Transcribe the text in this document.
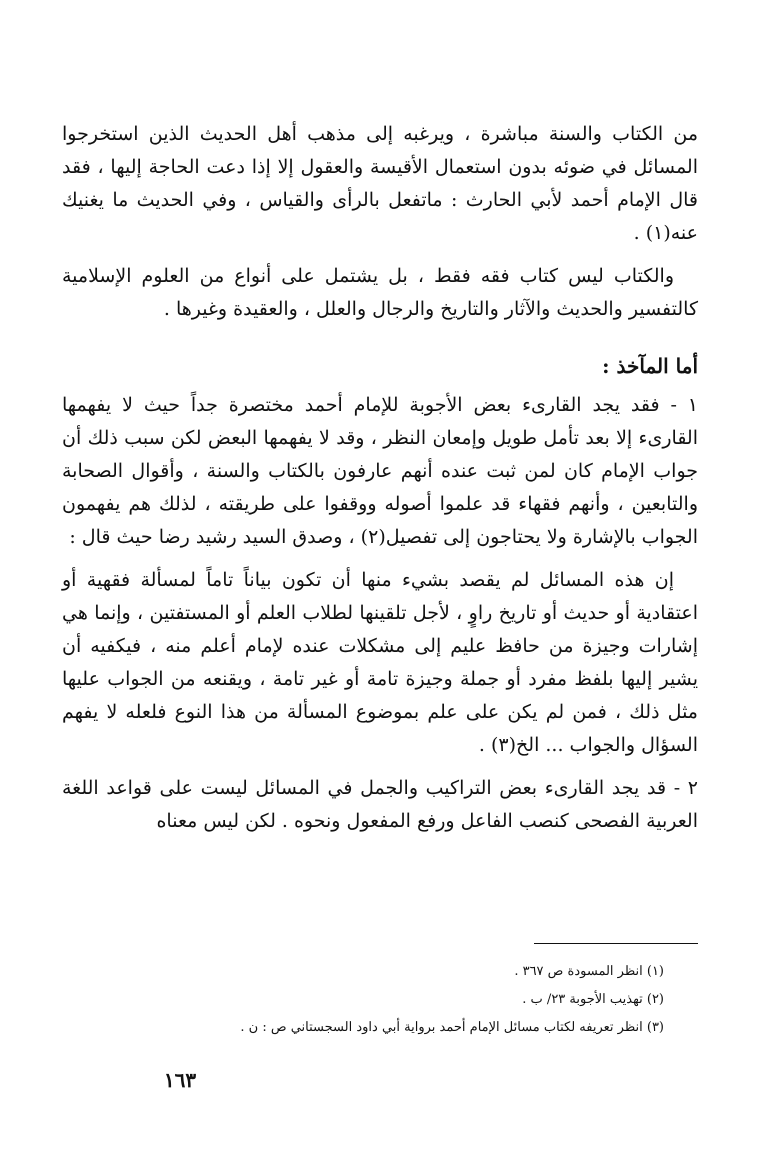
من الكتاب والسنة مباشرة ، ويرغبه إلى مذهب أهل الحديث الذين استخرجوا المسائل في ضوئه بدون استعمال الأقيسة والعقول إلا إذا دعت الحاجة إليها ، فقد قال الإمام أحمد لأبي الحارث : ماتفعل بالرأى والقياس ، وفي الحديث ما يغنيك عنه(١) .

والكتاب ليس كتاب فقه فقط ، بل يشتمل على أنواع من العلوم الإسلامية كالتفسير والحديث والآثار والتاريخ والرجال والعلل ، والعقيدة وغيرها .

أما المآخذ :

١ - فقد يجد القارىء بعض الأجوبة للإمام أحمد مختصرة جداً حيث لا يفهمها القارىء إلا بعد تأمل طويل وإمعان النظر ، وقد لا يفهمها البعض لكن سبب ذلك أن جواب الإمام كان لمن ثبت عنده أنهم عارفون بالكتاب والسنة ، وأقوال الصحابة والتابعين ، وأنهم فقهاء قد علموا أصوله ووقفوا على طريقته ، لذلك هم يفهمون الجواب بالإشارة ولا يحتاجون إلى تفصيل(٢) ، وصدق السيد رشيد رضا حيث قال :

إن هذه المسائل لم يقصد بشيء منها أن تكون بياناً تاماً لمسألة فقهية أو اعتقادية أو حديث أو تاريخ راوٍ ، لأجل تلقينها لطلاب العلم أو المستفتين ، وإنما هي إشارات وجيزة من حافظ عليم إلى مشكلات عنده لإمام أعلم منه ، فيكفيه أن يشير إليها بلفظ مفرد أو جملة وجيزة تامة أو غير تامة ، ويقنعه من الجواب عليها مثل ذلك ، فمن لم يكن على علم بموضوع المسألة من هذا النوع فلعله لا يفهم السؤال والجواب ... الخ(٣) .

٢ - قد يجد القارىء بعض التراكيب والجمل في المسائل ليست على قواعد اللغة العربية الفصحى كنصب الفاعل ورفع المفعول ونحوه . لكن ليس معناه

(١) انظر المسودة ص ٣٦٧ .

(٢) تهذيب الأجوبة ٢٣/ ب .

(٣) انظر تعريفه لكتاب مسائل الإمام أحمد برواية أبي داود السجستاني ص : ن .

١٦٣
